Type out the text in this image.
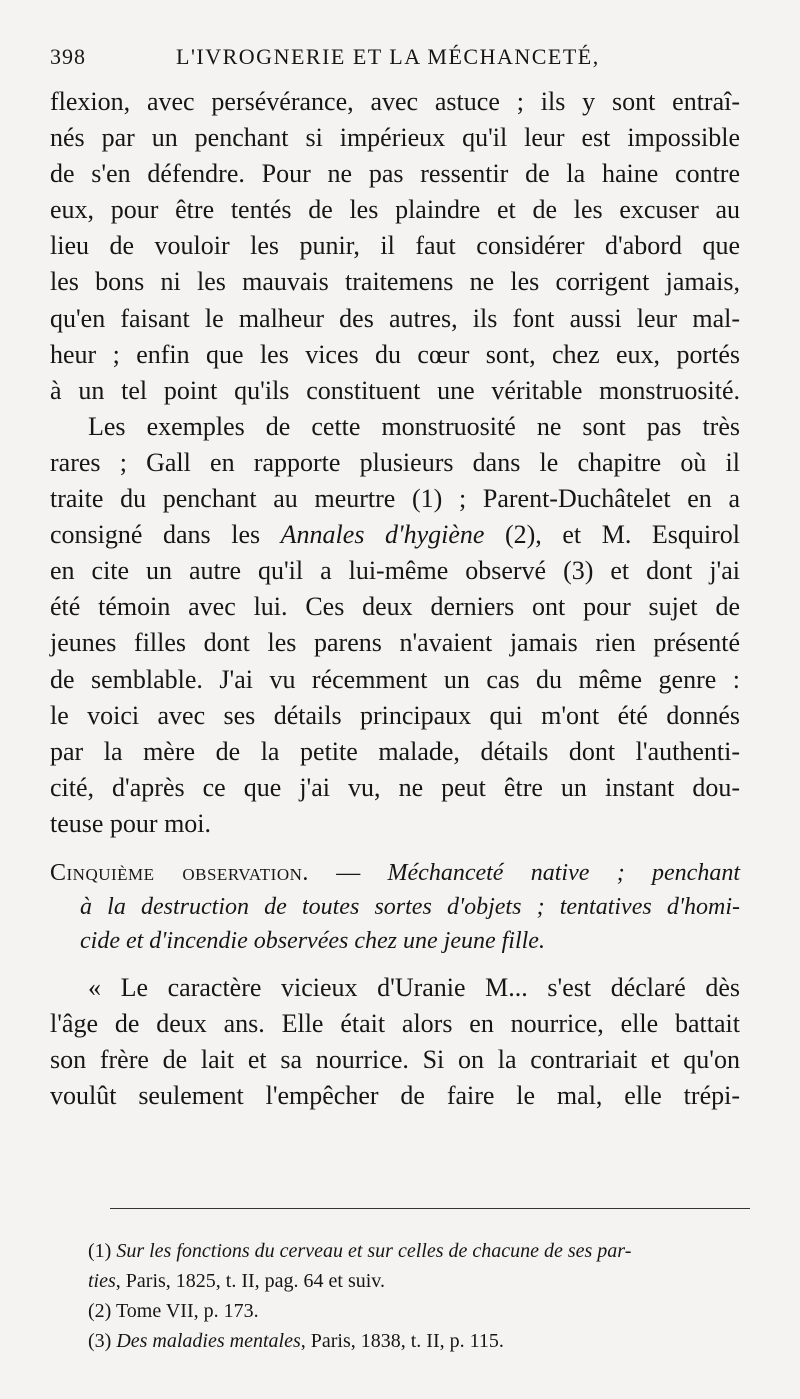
398	L'IVROGNERIE ET LA MÉCHANCETÉ,
flexion, avec persévérance, avec astuce ; ils y sont entraî-
nés par un penchant si impérieux qu'il leur est impossible
de s'en défendre. Pour ne pas ressentir de la haine contre
eux, pour être tentés de les plaindre et de les excuser au
lieu de vouloir les punir, il faut considérer d'abord que
les bons ni les mauvais traitemens ne les corrigent jamais,
qu'en faisant le malheur des autres, ils font aussi leur mal-
heur ; enfin que les vices du cœur sont, chez eux, portés
à un tel point qu'ils constituent une véritable monstruosité.
Les exemples de cette monstruosité ne sont pas très
rares ; Gall en rapporte plusieurs dans le chapitre où il
traite du penchant au meurtre (1) ; Parent-Duchâtelet en a
consigné dans les Annales d'hygiène (2), et M. Esquirol
en cite un autre qu'il a lui-même observé (3) et dont j'ai
été témoin avec lui. Ces deux derniers ont pour sujet de
jeunes filles dont les parens n'avaient jamais rien présenté
de semblable. J'ai vu récemment un cas du même genre :
le voici avec ses détails principaux qui m'ont été donnés
par la mère de la petite malade, détails dont l'authenti-
cité, d'après ce que j'ai vu, ne peut être un instant dou-
teuse pour moi.
Cinquième observation. — Méchanceté native ; penchant
à la destruction de toutes sortes d'objets ; tentatives d'homi-
cide et d'incendie observées chez une jeune fille.
« Le caractère vicieux d'Uranie M... s'est déclaré dès
l'âge de deux ans. Elle était alors en nourrice, elle battait
son frère de lait et sa nourrice. Si on la contrariait et qu'on
voulût seulement l'empêcher de faire le mal, elle trépi-
(1) Sur les fonctions du cerveau et sur celles de chacune de ses par-
ties, Paris, 1825, t. II, pag. 64 et suiv.
(2) Tome VII, p. 173.
(3) Des maladies mentales, Paris, 1838, t. II, p. 115.
